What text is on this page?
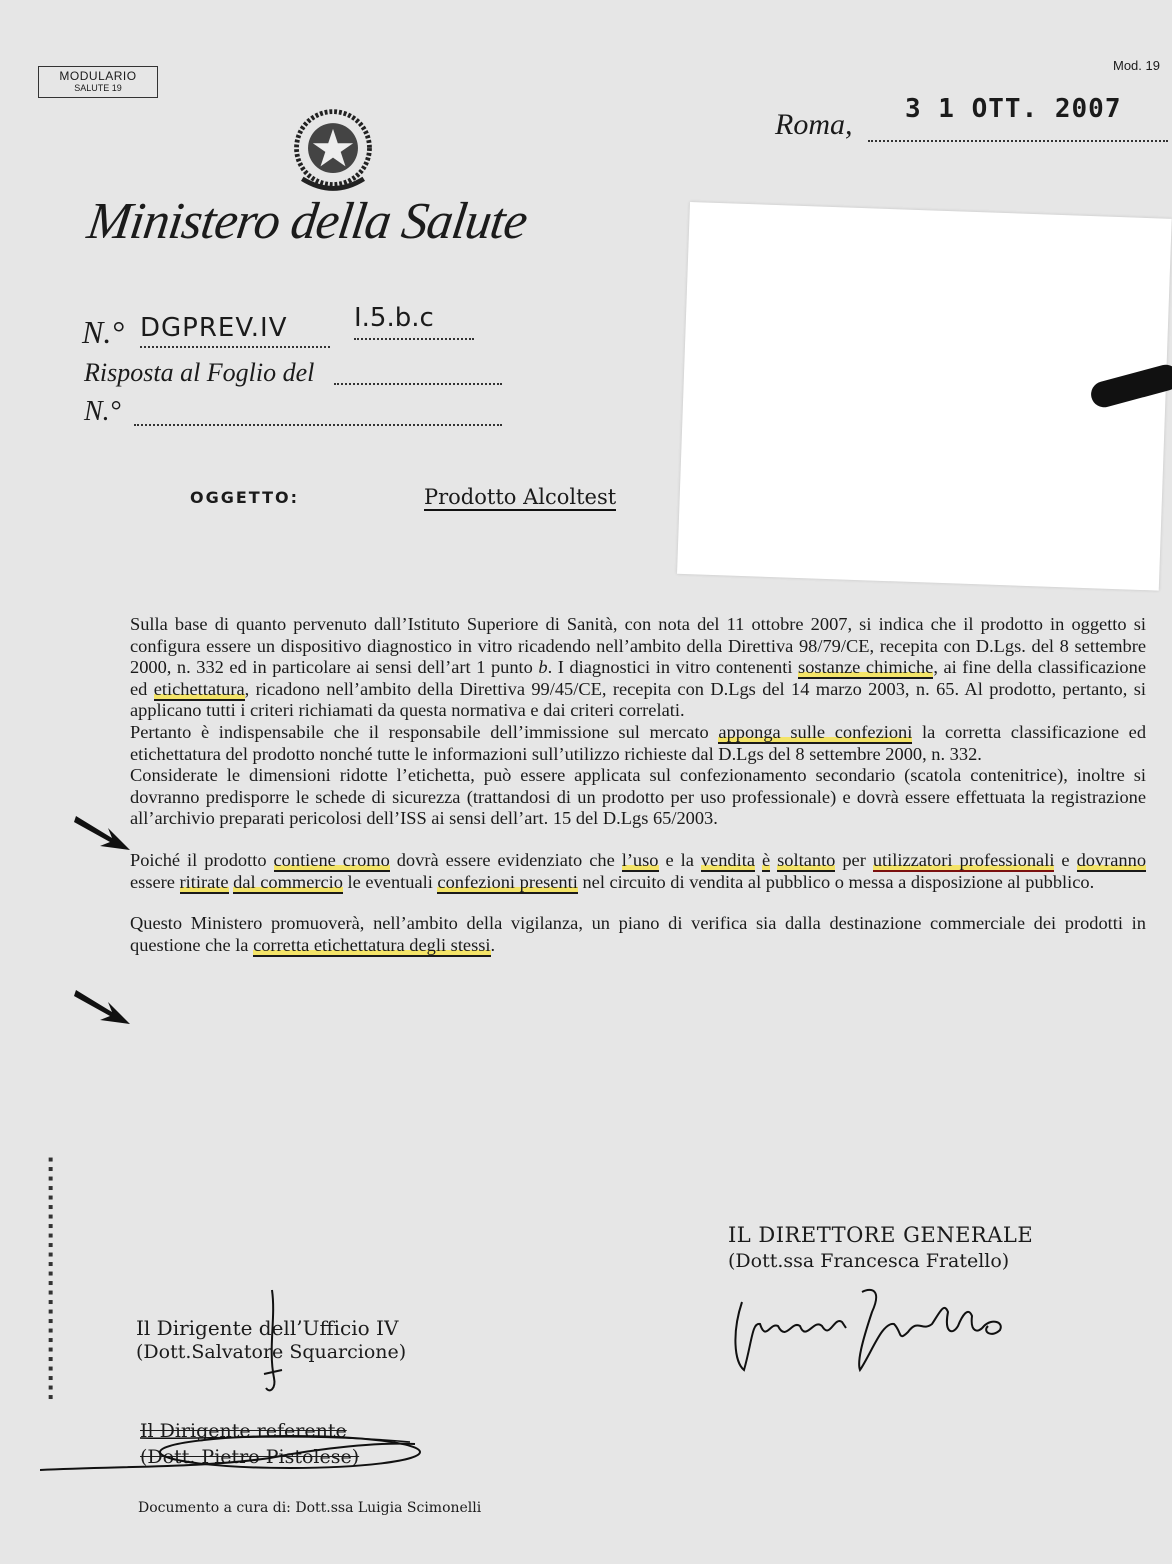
MODULARIO
SALUTE 19
Mod. 19
Ministero della Salute
Roma, 3 1 OTT. 2007
N.° DGPREV.IV	I.5.b.c
Risposta al Foglio del
N.°
OGGETTO:	Prodotto Alcoltest

Sulla base di quanto pervenuto dall’Istituto Superiore di Sanità, con nota del 11 ottobre 2007, si indica che il prodotto in oggetto si configura essere un dispositivo diagnostico in vitro ricadendo nell’ambito della Direttiva 98/79/CE, recepita con D.Lgs. del 8 settembre 2000, n. 332 ed in particolare ai sensi dell’art 1 punto b. I diagnostici in vitro contenenti sostanze chimiche, ai fine della classificazione ed etichettatura, ricadono nell’ambito della Direttiva 99/45/CE, recepita con D.Lgs del 14 marzo 2003, n. 65. Al prodotto, pertanto, si applicano tutti i criteri richiamati da questa normativa e dai criteri correlati.

Pertanto è indispensabile che il responsabile dell’immissione sul mercato apponga sulle confezioni la corretta classificazione ed etichettatura del prodotto nonché tutte le informazioni sull’utilizzo richieste dal D.Lgs del 8 settembre 2000, n. 332.

Considerate le dimensioni ridotte l’etichetta, può essere applicata sul confezionamento secondario (scatola contenitrice), inoltre si dovranno predisporre le schede di sicurezza (trattandosi di un prodotto per uso professionale) e dovrà essere effettuata la registrazione all’archivio preparati pericolosi dell’ISS ai sensi dell’art. 15 del D.Lgs 65/2003.

Poiché il prodotto contiene cromo dovrà essere evidenziato che l’uso e la vendita è soltanto per utilizzatori professionali e dovranno essere ritirate dal commercio le eventuali confezioni presenti nel circuito di vendita al pubblico o messa a disposizione al pubblico.

Questo Ministero promuoverà, nell’ambito della vigilanza, un piano di verifica sia dalla destinazione commerciale dei prodotti in questione che la corretta etichettatura degli stessi.

▪▪▪▪▪▪▪▪▪▪▪▪▪▪▪▪▪▪▪▪▪▪▪▪▪▪	IL DIRETTORE GENERALE
(Dott.ssa Francesca Fratello)
Il Dirigente dell’Ufficio IV
(Dott.Salvatore Squarcione)
Il Dirigente referente
(Dott. Pietro Pistolese)
Documento a cura di: Dott.ssa Luigia Scimonelli
